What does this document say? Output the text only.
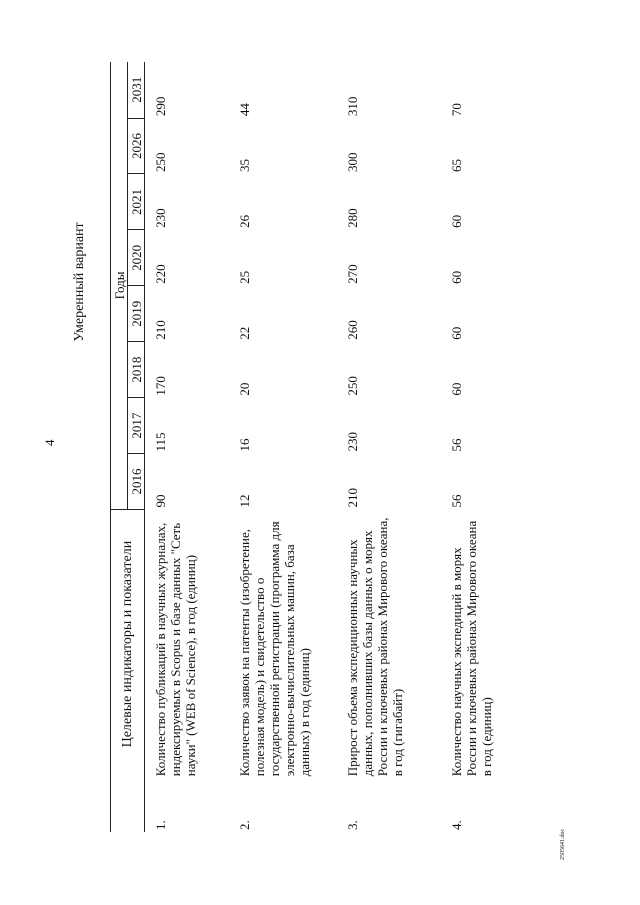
4
Умеренный вариант
	Целевые индикаторы и показатели	Годы							
		2016	2017	2018	2019	2020	2021	2026	2031
1.	Количество публикаций в научных журналах, индексируемых в Scopus и базе данных "Сеть науки" (WEB of Science), в год (единиц)	90	115	170	210	220	230	250	290
2.	Количество заявок на патенты (изобретение, полезная модель) и свидетельство о государственной регистрации (программа для электронно-вычислительных машин, база данных) в год (единиц)	12	16	20	22	25	26	35	44
3.	Прирост объема экспедиционных научных данных, пополнивших базы данных о морях России и ключевых районах Мирового океана, в год (гигабайт)	210	230	250	260	270	280	300	310
4.	Количество научных экспедиций в морях России и ключевых районах Мирового океана в год (единиц)	56	56	60	60	60	60	65	70
2505641.doc
